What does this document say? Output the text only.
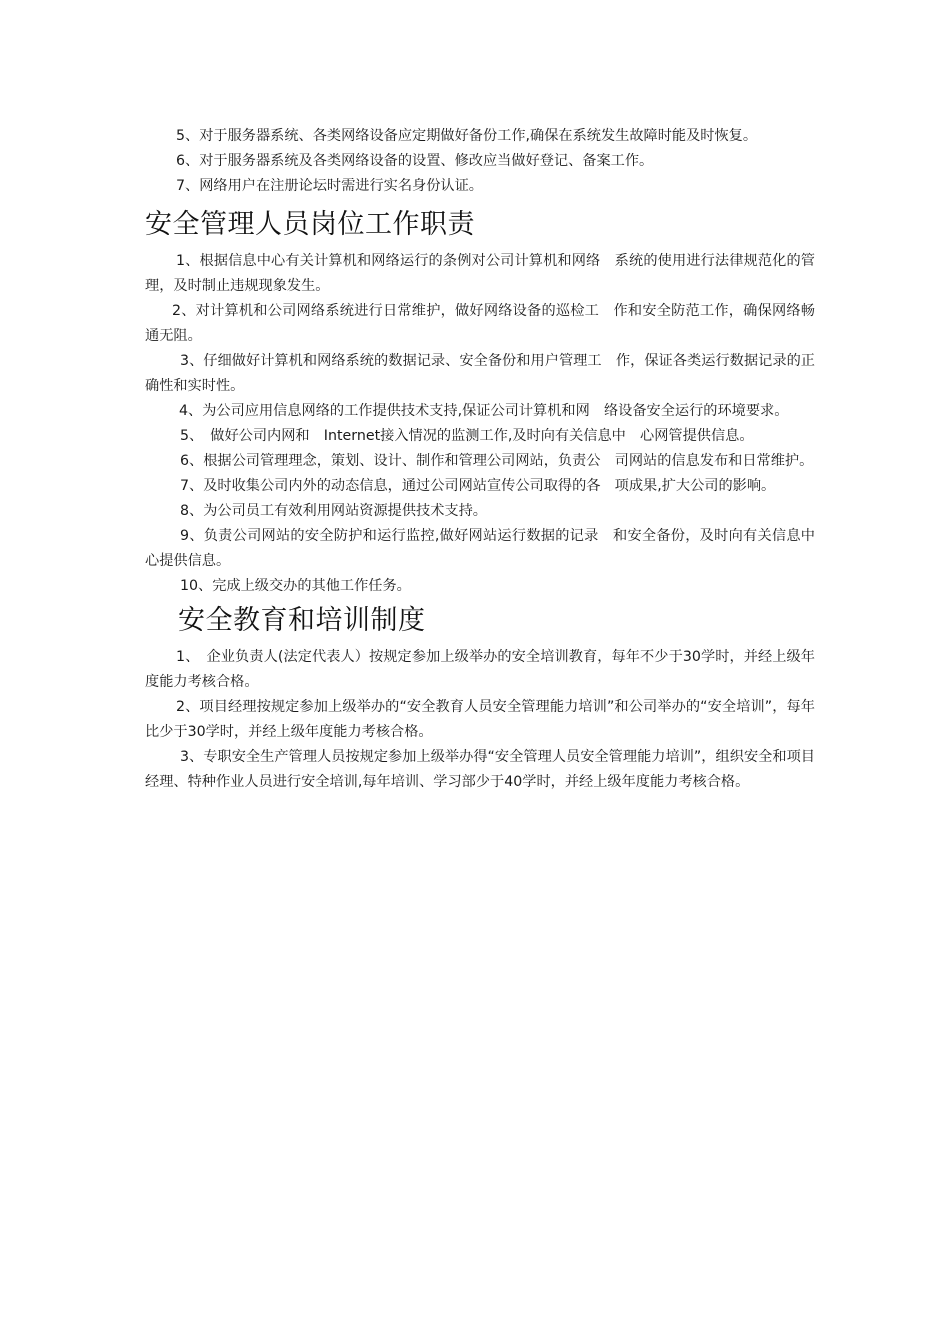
5、对于服务器系统、各类网络设备应定期做好备份工作,确保在系统发生故障时能及时恢复。

6、对于服务器系统及各类网络设备的设置、修改应当做好登记、备案工作。

7、网络用户在注册论坛时需进行实名身份认证。

安全管理人员岗位工作职责

1、根据信息中心有关计算机和网络运行的条例对公司计算机和网络　系统的使用进行法律规范化的管理，及时制止违规现象发生。

2、对计算机和公司网络系统进行日常维护，做好网络设备的巡检工　作和安全防范工作，确保网络畅通无阻。

3、仔细做好计算机和网络系统的数据记录、安全备份和用户管理工　作，保证各类运行数据记录的正确性和实时性。

4、为公司应用信息网络的工作提供技术支持,保证公司计算机和网　络设备安全运行的环境要求。

5、　做好公司内网和　Internet接入情况的监测工作,及时向有关信息中　心网管提供信息。

6、根据公司管理理念，策划、设计、制作和管理公司网站，负责公　司网站的信息发布和日常维护。

7、及时收集公司内外的动态信息，通过公司网站宣传公司取得的各　项成果,扩大公司的影响。

8、为公司员工有效利用网站资源提供技术支持。

9、负责公司网站的安全防护和运行监控,做好网站运行数据的记录　和安全备份，及时向有关信息中心提供信息。

10、完成上级交办的其他工作任务。

安全教育和培训制度

1、　企业负责人(法定代表人）按规定参加上级举办的安全培训教育，每年不少于30学时，并经上级年度能力考核合格。

2、项目经理按规定参加上级举办的“安全教育人员安全管理能力培训”和公司举办的“安全培训”，每年比少于30学时，并经上级年度能力考核合格。

3、专职安全生产管理人员按规定参加上级举办得“安全管理人员安全管理能力培训”，组织安全和项目经理、特种作业人员进行安全培训,每年培训、学习部少于40学时，并经上级年度能力考核合格。
